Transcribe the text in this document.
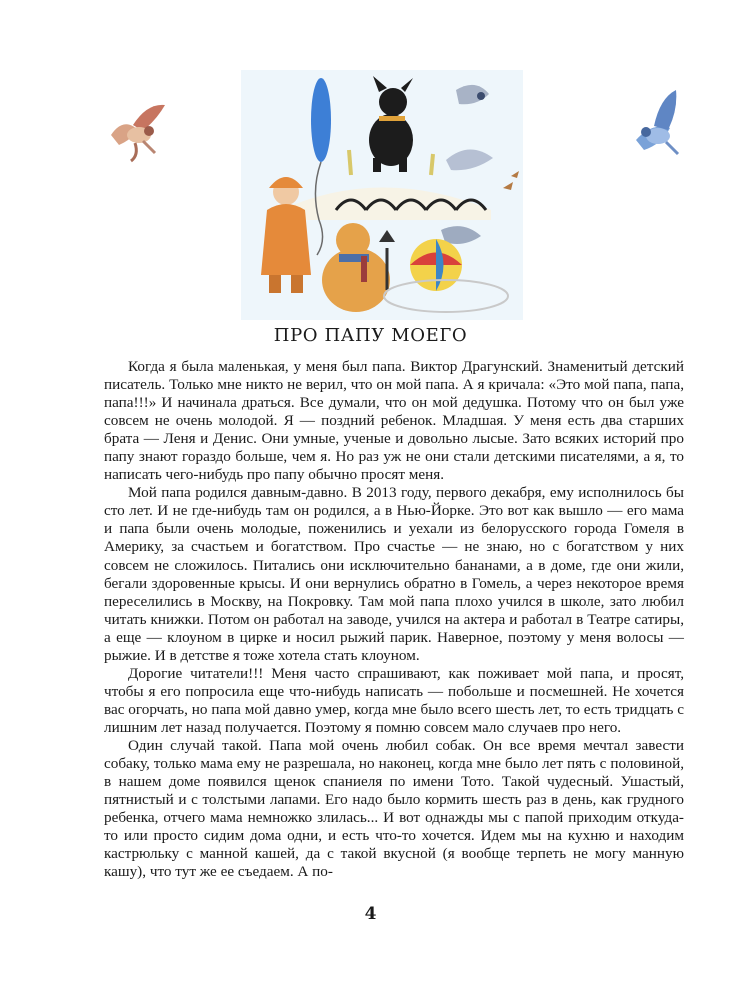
ПРО ПАПУ МОЕГО

Когда я была маленькая, у меня был папа. Виктор Драгунский. Знаменитый детский писатель. Только мне никто не верил, что он мой папа. А я кричала: «Это мой папа, папа, папа!!!» И начинала драться. Все думали, что он мой дедушка. Потому что он был уже совсем не очень молодой. Я — поздний ребенок. Младшая. У меня есть два старших брата — Леня и Денис. Они умные, ученые и довольно лысые. Зато всяких историй про папу знают гораздо больше, чем я. Но раз уж не они стали детскими писателями, а я, то написать чего-нибудь про папу обычно просят меня.

Мой папа родился давным-давно. В 2013 году, первого декабря, ему исполнилось бы сто лет. И не где-нибудь там он родился, а в Нью-Йорке. Это вот как вышло — его мама и папа были очень молодые, поженились и уехали из белорусского города Гомеля в Америку, за счастьем и богатством. Про счастье — не знаю, но с богатством у них совсем не сложилось. Питались они исключительно бананами, а в доме, где они жили, бегали здоровенные крысы. И они вернулись обратно в Гомель, а через некоторое время переселились в Москву, на Покровку. Там мой папа плохо учился в школе, зато любил читать книжки. Потом он работал на заводе, учился на актера и работал в Театре сатиры, а еще — клоуном в цирке и носил рыжий парик. Наверное, поэтому у меня волосы — рыжие. И в детстве я тоже хотела стать клоуном.

Дорогие читатели!!! Меня часто спрашивают, как поживает мой папа, и просят, чтобы я его попросила еще что-нибудь написать — побольше и посмешней. Не хочется вас огорчать, но папа мой давно умер, когда мне было всего шесть лет, то есть тридцать с лишним лет назад получается. Поэтому я помню совсем мало случаев про него.

Один случай такой. Папа мой очень любил собак. Он все время мечтал завести собаку, только мама ему не разрешала, но наконец, когда мне было лет пять с половиной, в нашем доме появился щенок спаниеля по имени Тото. Такой чудесный. Ушастый, пятнистый и с толстыми лапами. Его надо было кормить шесть раз в день, как грудного ребенка, отчего мама немножко злилась... И вот однажды мы с папой приходим откуда-то или просто сидим дома одни, и есть что-то хочется. Идем мы на кухню и находим кастрюльку с манной кашей, да с такой вкусной (я вообще терпеть не могу манную кашу), что тут же ее съедаем. А по-

4
